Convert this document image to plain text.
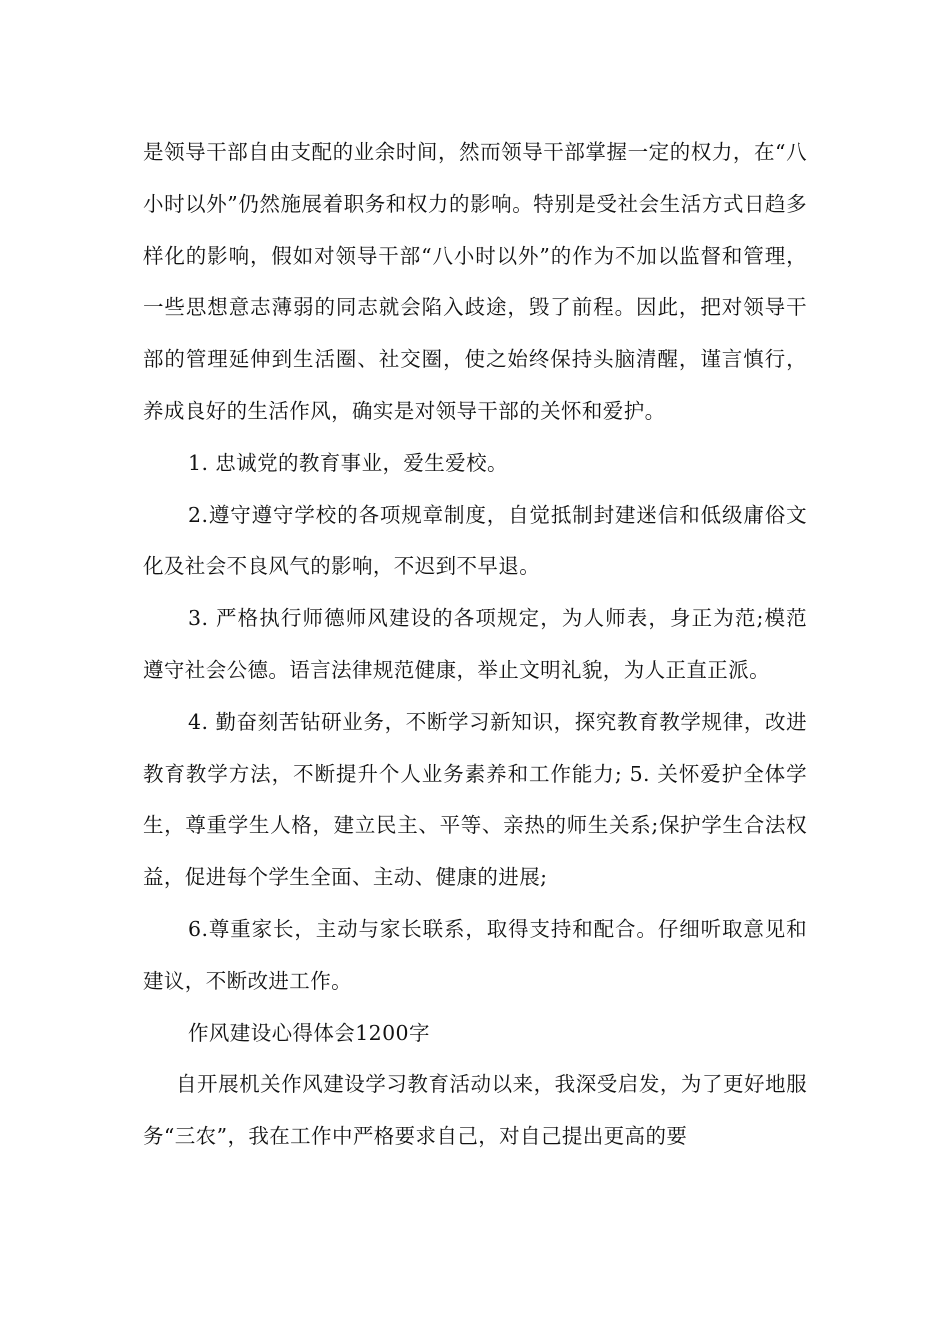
是领导干部自由支配的业余时间，然而领导干部掌握一定的权力，在“八小时以外”仍然施展着职务和权力的影响。特别是受社会生活方式日趋多样化的影响，假如对领导干部“八小时以外”的作为不加以监督和管理，一些思想意志薄弱的同志就会陷入歧途，毁了前程。因此，把对领导干部的管理延伸到生活圈、社交圈，使之始终保持头脑清醒，谨言慎行，养成良好的生活作风，确实是对领导干部的关怀和爱护。

1. 忠诚党的教育事业，爱生爱校。

2.遵守遵守学校的各项规章制度，自觉抵制封建迷信和低级庸俗文化及社会不良风气的影响，不迟到不早退。

3. 严格执行师德师风建设的各项规定，为人师表，身正为范;模范遵守社会公德。语言法律规范健康，举止文明礼貌，为人正直正派。

4. 勤奋刻苦钻研业务，不断学习新知识，探究教育教学规律，改进教育教学方法，不断提升个人业务素养和工作能力; 5. 关怀爱护全体学生，尊重学生人格，建立民主、平等、亲热的师生关系;保护学生合法权益，促进每个学生全面、主动、健康的进展;

6.尊重家长，主动与家长联系，取得支持和配合。仔细听取意见和建议，不断改进工作。

作风建设心得体会1200字

自开展机关作风建设学习教育活动以来，我深受启发，为了更好地服务“三农”，我在工作中严格要求自己，对自己提出更高的要
